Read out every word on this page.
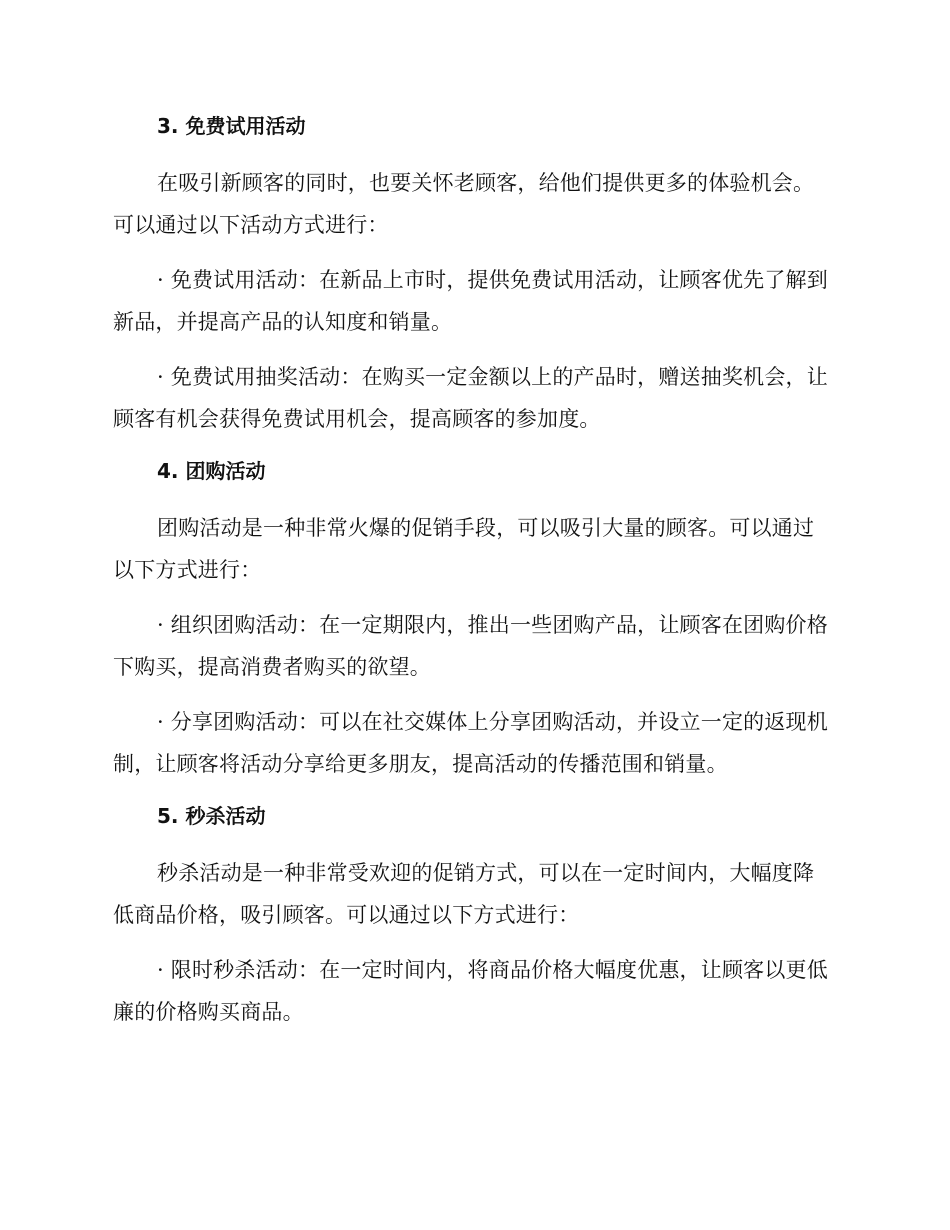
3. 免费试用活动

在吸引新顾客的同时，也要关怀老顾客，给他们提供更多的体验机会。可以通过以下活动方式进行：

· 免费试用活动：在新品上市时，提供免费试用活动，让顾客优先了解到新品，并提高产品的认知度和销量。

· 免费试用抽奖活动：在购买一定金额以上的产品时，赠送抽奖机会，让顾客有机会获得免费试用机会，提高顾客的参加度。

4. 团购活动

团购活动是一种非常火爆的促销手段，可以吸引大量的顾客。可以通过以下方式进行：

· 组织团购活动：在一定期限内，推出一些团购产品，让顾客在团购价格下购买，提高消费者购买的欲望。

· 分享团购活动：可以在社交媒体上分享团购活动，并设立一定的返现机制，让顾客将活动分享给更多朋友，提高活动的传播范围和销量。

5. 秒杀活动

秒杀活动是一种非常受欢迎的促销方式，可以在一定时间内，大幅度降低商品价格，吸引顾客。可以通过以下方式进行：

· 限时秒杀活动：在一定时间内，将商品价格大幅度优惠，让顾客以更低廉的价格购买商品。
